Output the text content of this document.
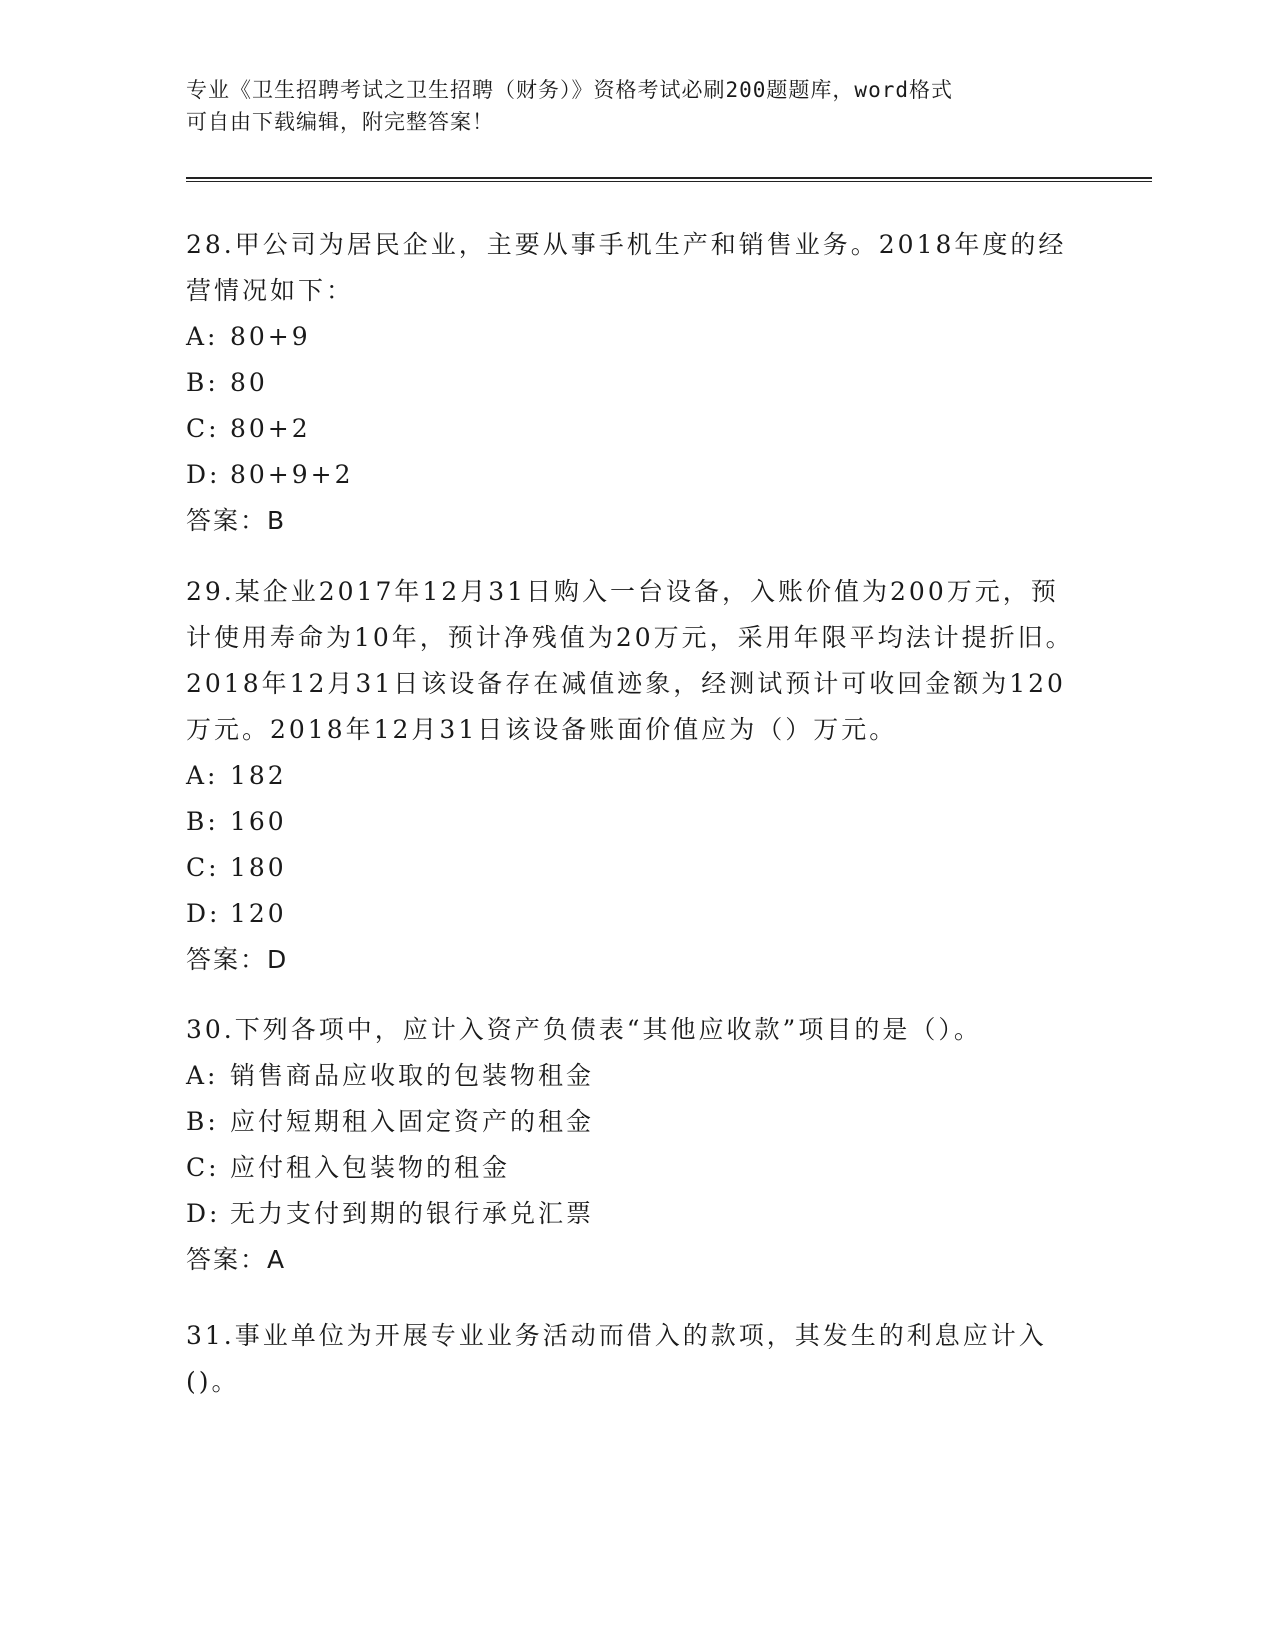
专业《卫生招聘考试之卫生招聘（财务）》资格考试必刷200题题库，word格式
可自由下载编辑，附完整答案！

28.甲公司为居民企业，主要从事手机生产和销售业务。2018年度的经营情况如下：

A: 80+9

B: 80

C: 80+2

D: 80+9+2

答案：B

29.某企业2017年12月31日购入一台设备，入账价值为200万元，预计使用寿命为10年，预计净残值为20万元，采用年限平均法计提折旧。2018年12月31日该设备存在减值迹象，经测试预计可收回金额为120万元。2018年12月31日该设备账面价值应为（）万元。

A: 182

B: 160

C: 180

D: 120

答案：D

30.下列各项中，应计入资产负债表“其他应收款”项目的是（）。

A: 销售商品应收取的包装物租金

B: 应付短期租入固定资产的租金

C: 应付租入包装物的租金

D: 无力支付到期的银行承兑汇票

答案：A

31.事业单位为开展专业业务活动而借入的款项，其发生的利息应计入()。
